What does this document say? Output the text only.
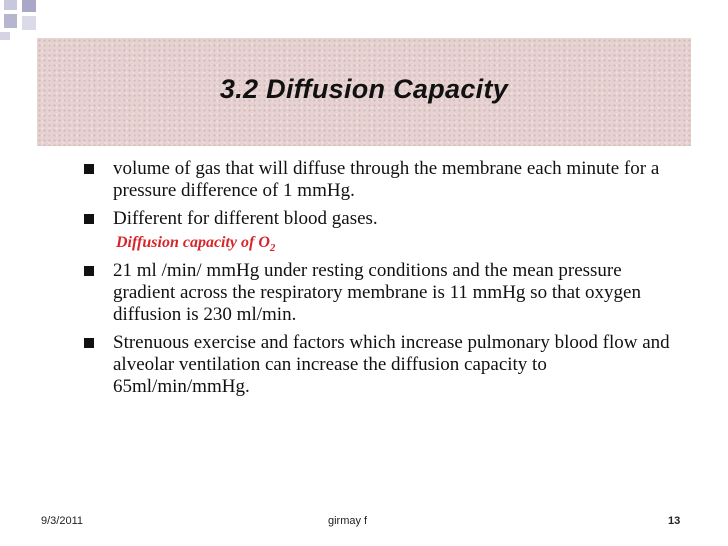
3.2 Diffusion Capacity
volume of gas that will diffuse through the membrane each minute for a pressure difference of 1 mmHg.
Different for different blood gases.
Diffusion capacity of $O_2$
21 ml /min/ mmHg under resting conditions and the mean pressure gradient across the respiratory membrane is 11 mmHg so that oxygen diffusion is 230 ml/min.
Strenuous exercise and factors which increase pulmonary blood flow and alveolar ventilation can increase the diffusion capacity to 65ml/min/mmHg.
9/3/2011	girmay f	13
